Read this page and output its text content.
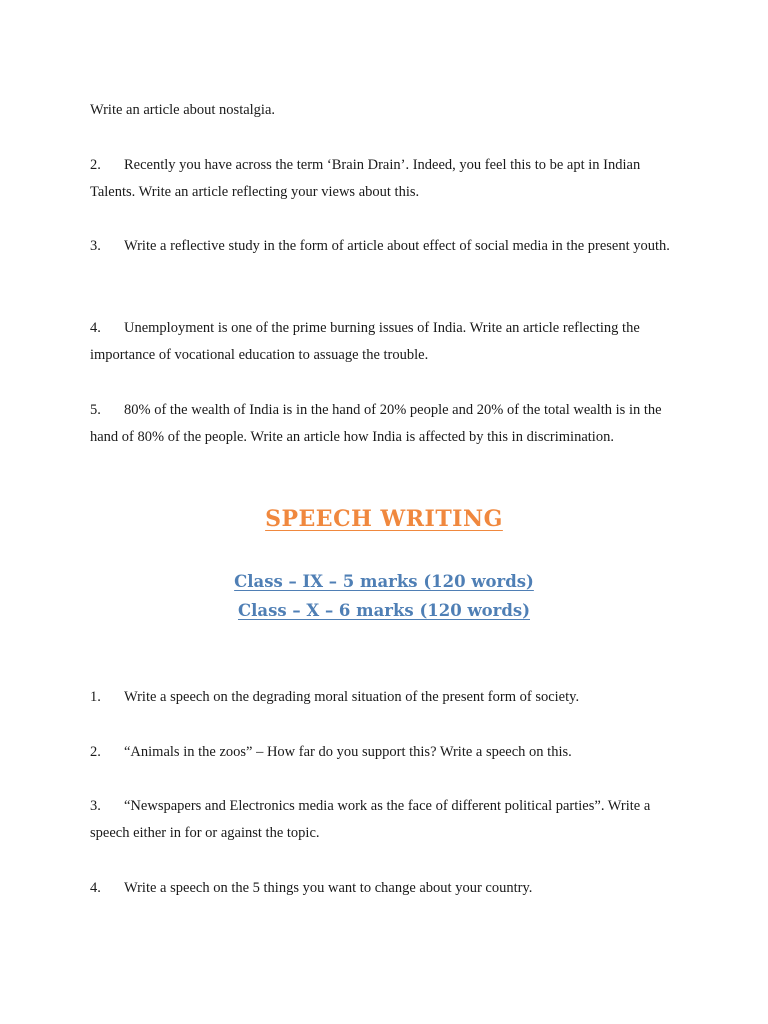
Write an article about nostalgia.

2. Recently you have across the term ‘Brain Drain’. Indeed, you feel this to be apt in Indian Talents. Write an article reflecting your views about this.

3. Write a reflective study in the form of article about effect of social media in the present youth.

4. Unemployment is one of the prime burning issues of India. Write an article reflecting the importance of vocational education to assuage the trouble.

5. 80% of the wealth of India is in the hand of 20% people and 20% of the total wealth is in the hand of 80% of the people. Write an article how India is affected by this in discrimination.

SPEECH WRITING
Class – IX – 5 marks (120 words)
Class – X – 6 marks (120 words)

1. Write a speech on the degrading moral situation of the present form of society.

2. “Animals in the zoos” – How far do you support this? Write a speech on this.

3. “Newspapers and Electronics media work as the face of different political parties”. Write a speech either in for or against the topic.

4. Write a speech on the 5 things you want to change about your country.
